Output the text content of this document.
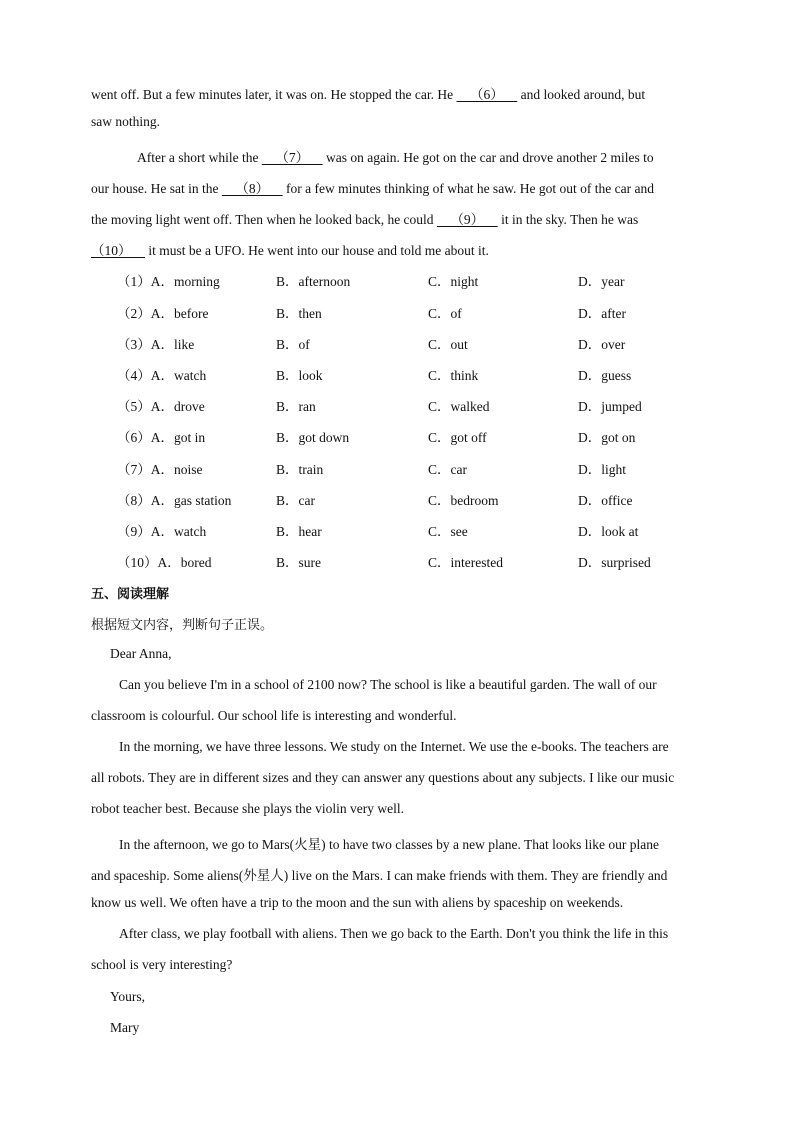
went off. But a few minutes later, it was on. He stopped the car. He     （6）     and looked around, but
saw nothing.
After a short while the     （7）     was on again. He got on the car and drove another 2 miles to
our house. He sat in the     （8）     for a few minutes thinking of what he saw. He got out of the car and
the moving light went off. Then when he looked back, he could     （9）     it in the sky. Then he was
（10）     it must be a UFO. He went into our house and told me about it.
（1）A．morning	B．afternoon	C．night	D．year
（2）A．before	B．then	C．of	D．after
（3）A．like	B．of	C．out	D．over
（4）A．watch	B．look	C．think	D．guess
（5）A．drove	B．ran	C．walked	D．jumped
（6）A．got in	B．got down	C．got off	D．got on
（7）A．noise	B．train	C．car	D．light
（8）A．gas station	B．car	C．bedroom	D．office
（9）A．watch	B．hear	C．see	D．look at
（10）A．bored	B．sure	C．interested	D．surprised
五、阅读理解
根据短文内容，判断句子正误。
Dear Anna,
Can you believe I'm in a school of 2100 now? The school is like a beautiful garden. The wall of our
classroom is colourful. Our school life is interesting and wonderful.
In the morning, we have three lessons. We study on the Internet. We use the e-books. The teachers are
all robots. They are in different sizes and they can answer any questions about any subjects. I like our music
robot teacher best. Because she plays the violin very well.
In the afternoon, we go to Mars(火星) to have two classes by a new plane. That looks like our plane
and spaceship. Some aliens(外星人) live on the Mars. I can make friends with them. They are friendly and
know us well. We often have a trip to the moon and the sun with aliens by spaceship on weekends.
After class, we play football with aliens. Then we go back to the Earth. Don't you think the life in this
school is very interesting?
Yours,
Mary
